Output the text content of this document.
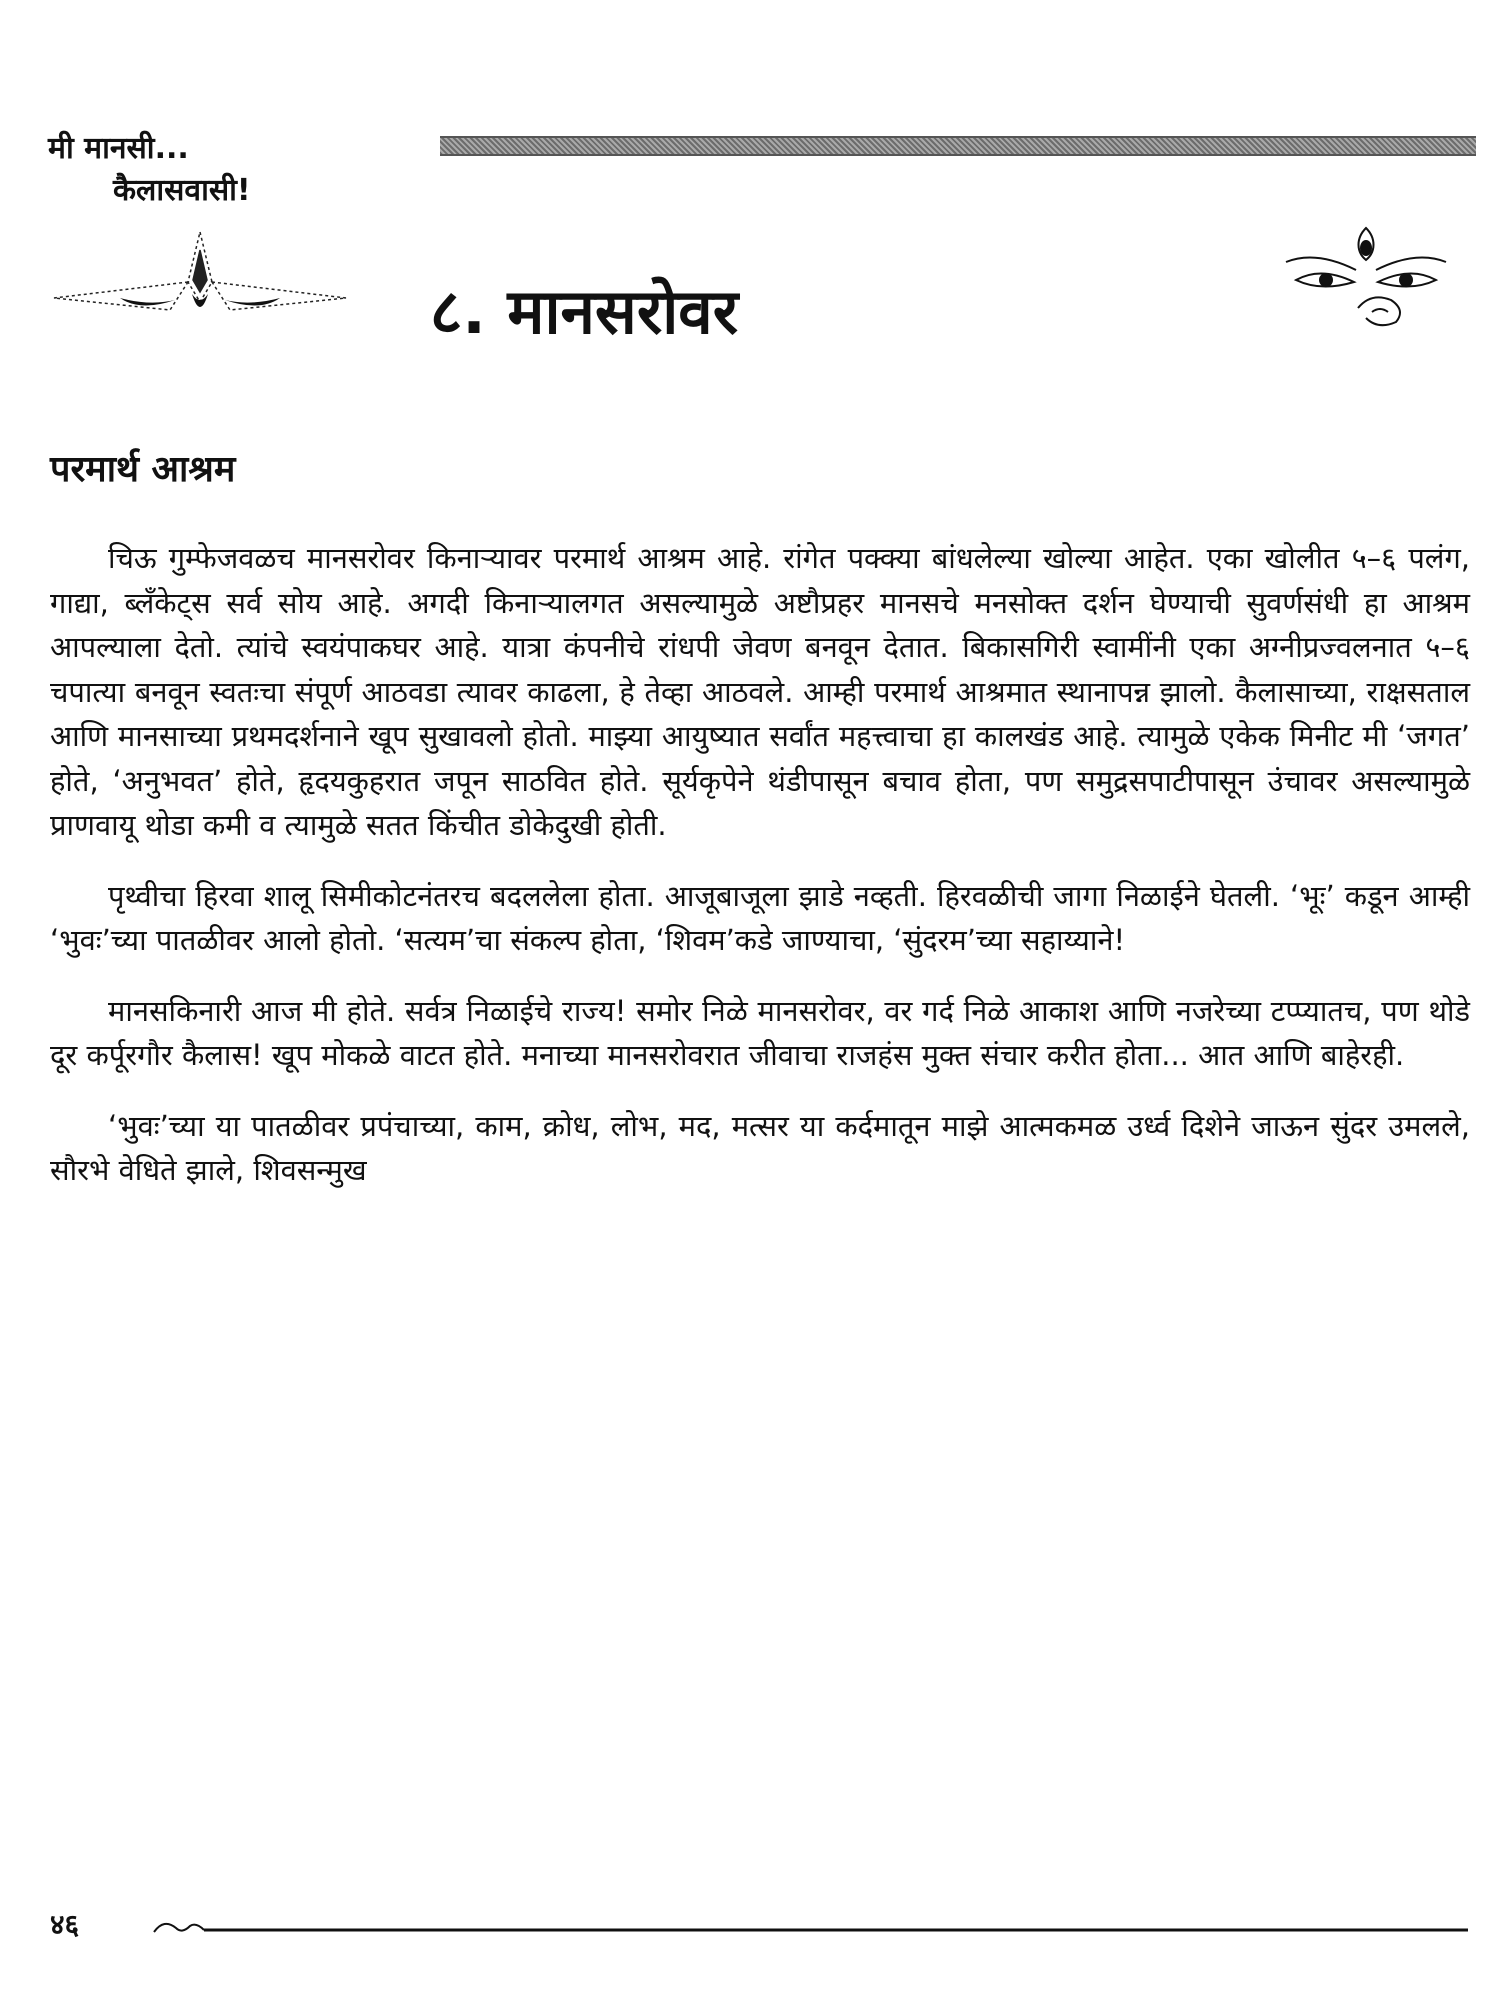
मी मानसी...
कैलासवासी!
८. मानसरोवर
परमार्थ आश्रम

चिऊ गुम्फेजवळच मानसरोवर किनाऱ्यावर परमार्थ आश्रम आहे. रांगेत पक्क्या बांधलेल्या खोल्या आहेत. एका खोलीत ५–६ पलंग, गाद्या, ब्लँकेट्स सर्व सोय आहे. अगदी किनाऱ्यालगत असल्यामुळे अष्टौप्रहर मानसचे मनसोक्त दर्शन घेण्याची सुवर्णसंधी हा आश्रम आपल्याला देतो. त्यांचे स्वयंपाकघर आहे. यात्रा कंपनीचे रांधपी जेवण बनवून देतात. बिकासगिरी स्वामींनी एका अग्नीप्रज्वलनात ५–६ चपात्या बनवून स्वतःचा संपूर्ण आठवडा त्यावर काढला, हे तेव्हा आठवले. आम्ही परमार्थ आश्रमात स्थानापन्न झालो. कैलासाच्या, राक्षसताल आणि मानसाच्या प्रथमदर्शनाने खूप सुखावलो होतो. माझ्या आयुष्यात सर्वांत महत्त्वाचा हा कालखंड आहे. त्यामुळे एकेक मिनीट मी ‘जगत’ होते, ‘अनुभवत’ होते, हृदयकुहरात जपून साठवित होते. सूर्यकृपेने थंडीपासून बचाव होता, पण समुद्रसपाटीपासून उंचावर असल्यामुळे प्राणवायू थोडा कमी व त्यामुळे सतत किंचीत डोकेदुखी होती.

पृथ्वीचा हिरवा शालू सिमीकोटनंतरच बदललेला होता. आजूबाजूला झाडे नव्हती. हिरवळीची जागा निळाईने घेतली. ‘भूः’ कडून आम्ही ‘भुवः’च्या पातळीवर आलो होतो. ‘सत्यम’चा संकल्प होता, ‘शिवम’कडे जाण्याचा, ‘सुंदरम’च्या सहाय्याने!

मानसकिनारी आज मी होते. सर्वत्र निळाईचे राज्य! समोर निळे मानसरोवर, वर गर्द निळे आकाश आणि नजरेच्या टप्प्यातच, पण थोडे दूर कर्पूरगौर कैलास! खूप मोकळे वाटत होते. मनाच्या मानसरोवरात जीवाचा राजहंस मुक्त संचार करीत होता... आत आणि बाहेरही.

‘भुवः’च्या या पातळीवर प्रपंचाच्या, काम, क्रोध, लोभ, मद, मत्सर या कर्दमातून माझे आत्मकमळ उर्ध्व दिशेने जाऊन सुंदर उमलले, सौरभे वेधिते झाले, शिवसन्मुख

४६
